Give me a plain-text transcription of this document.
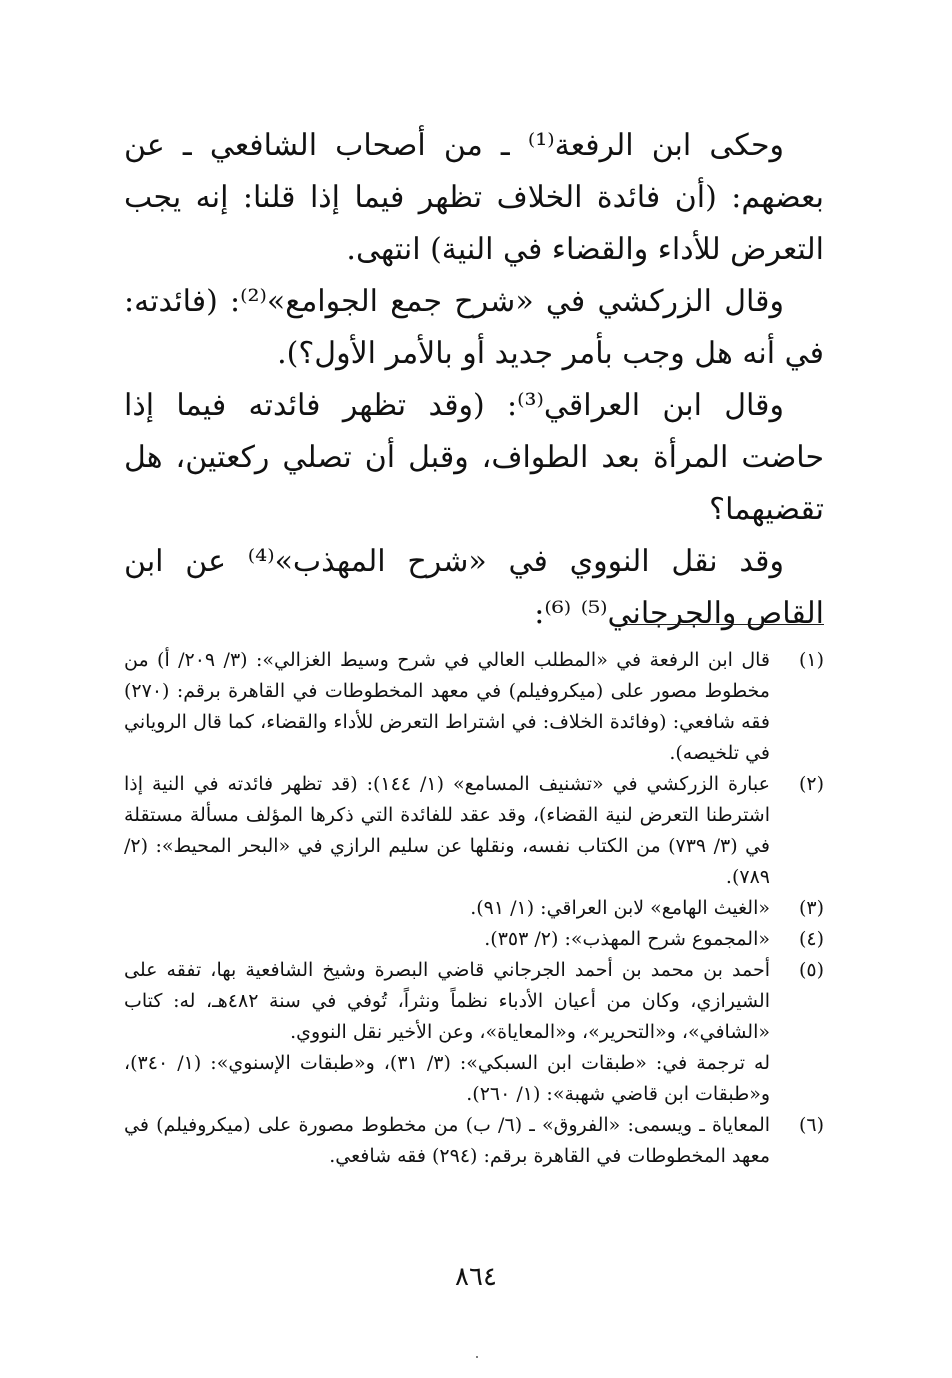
وحكى ابن الرفعة⁽¹⁾ ـ من أصحاب الشافعي ـ عن بعضهم: (أن فائدة الخلاف تظهر فيما إذا قلنا: إنه يجب التعرض للأداء والقضاء في النية) انتهى.

وقال الزركشي في «شرح جمع الجوامع»⁽²⁾: (فائدته: في أنه هل وجب بأمر جديد أو بالأمر الأول؟).

وقال ابن العراقي⁽³⁾: (وقد تظهر فائدته فيما إذا حاضت المرأة بعد الطواف، وقبل أن تصلي ركعتين، هل تقضيهما؟

وقد نقل النووي في «شرح المهذب»⁽⁴⁾ عن ابن القاص والجرجاني⁽⁵⁾ ⁽⁶⁾:

(١)
قال ابن الرفعة في «المطلب العالي في شرح وسيط الغزالي»: (٣/ ٢٠٩/ أ) من مخطوط مصور على (ميكروفيلم) في معهد المخطوطات في القاهرة برقم: (٢٧٠) فقه شافعي: (وفائدة الخلاف: في اشتراط التعرض للأداء والقضاء، كما قال الروياني في تلخيصه).
(٢)
عبارة الزركشي في «تشنيف المسامع» (١/ ١٤٤): (قد تظهر فائدته في النية إذا اشترطنا التعرض لنية القضاء)، وقد عقد للفائدة التي ذكرها المؤلف مسألة مستقلة في (٣/ ٧٣٩) من الكتاب نفسه، ونقلها عن سليم الرازي في «البحر المحيط»: (٢/ ٧٨٩).
(٣)
«الغيث الهامع» لابن العراقي: (١/ ٩١).
(٤)
«المجموع شرح المهذب»: (٢/ ٣٥٣).
(٥)
أحمد بن محمد بن أحمد الجرجاني قاضي البصرة وشيخ الشافعية بها، تفقه على الشيرازي، وكان من أعيان الأدباء نظماً ونثراً، تُوفي في سنة ٤٨٢هـ، له: كتاب «الشافي»، و«التحرير»، و«المعاياة»، وعن الأخير نقل النووي.
له ترجمة في: «طبقات ابن السبكي»: (٣/ ٣١)، و«طبقات الإسنوي»: (١/ ٣٤٠)، و«طبقات ابن قاضي شهبة»: (١/ ٢٦٠).
(٦)
المعاياة ـ ويسمى: «الفروق» ـ (٦/ ب) من مخطوط مصورة على (ميكروفيلم) في معهد المخطوطات في القاهرة برقم: (٢٩٤) فقه شافعي.
٨٦٤
